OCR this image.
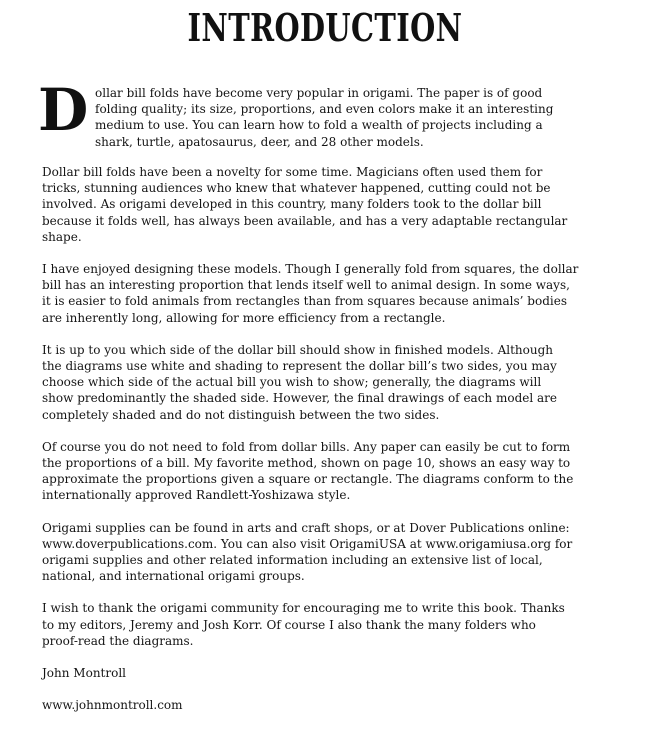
INTRODUCTION
D ollar bill folds have become very popular in origami. The paper is of good
folding quality; its size, proportions, and even colors make it an interesting
medium to use. You can learn how to fold a wealth of projects including a
shark, turtle, apatosaurus, deer, and 28 other models.
Dollar bill folds have been a novelty for some time. Magicians often used them for
tricks, stunning audiences who knew that whatever happened, cutting could not be
involved. As origami developed in this country, many folders took to the dollar bill
because it folds well, has always been available, and has a very adaptable rectangular
shape.
I have enjoyed designing these models. Though I generally fold from squares, the dollar
bill has an interesting proportion that lends itself well to animal design. In some ways,
it is easier to fold animals from rectangles than from squares because animals’ bodies
are inherently long, allowing for more efficiency from a rectangle.
It is up to you which side of the dollar bill should show in finished models. Although
the diagrams use white and shading to represent the dollar bill’s two sides, you may
choose which side of the actual bill you wish to show; generally, the diagrams will
show predominantly the shaded side. However, the final drawings of each model are
completely shaded and do not distinguish between the two sides.
Of course you do not need to fold from dollar bills. Any paper can easily be cut to form
the proportions of a bill. My favorite method, shown on page 10, shows an easy way to
approximate the proportions given a square or rectangle. The diagrams conform to the
internationally approved Randlett-Yoshizawa style.
Origami supplies can be found in arts and craft shops, or at Dover Publications online:
www.doverpublications.com. You can also visit OrigamiUSA at www.origamiusa.org for
origami supplies and other related information including an extensive list of local,
national, and international origami groups.
I wish to thank the origami community for encouraging me to write this book. Thanks
to my editors, Jeremy and Josh Korr. Of course I also thank the many folders who
proof-read the diagrams.
John Montroll
www.johnmontroll.com
